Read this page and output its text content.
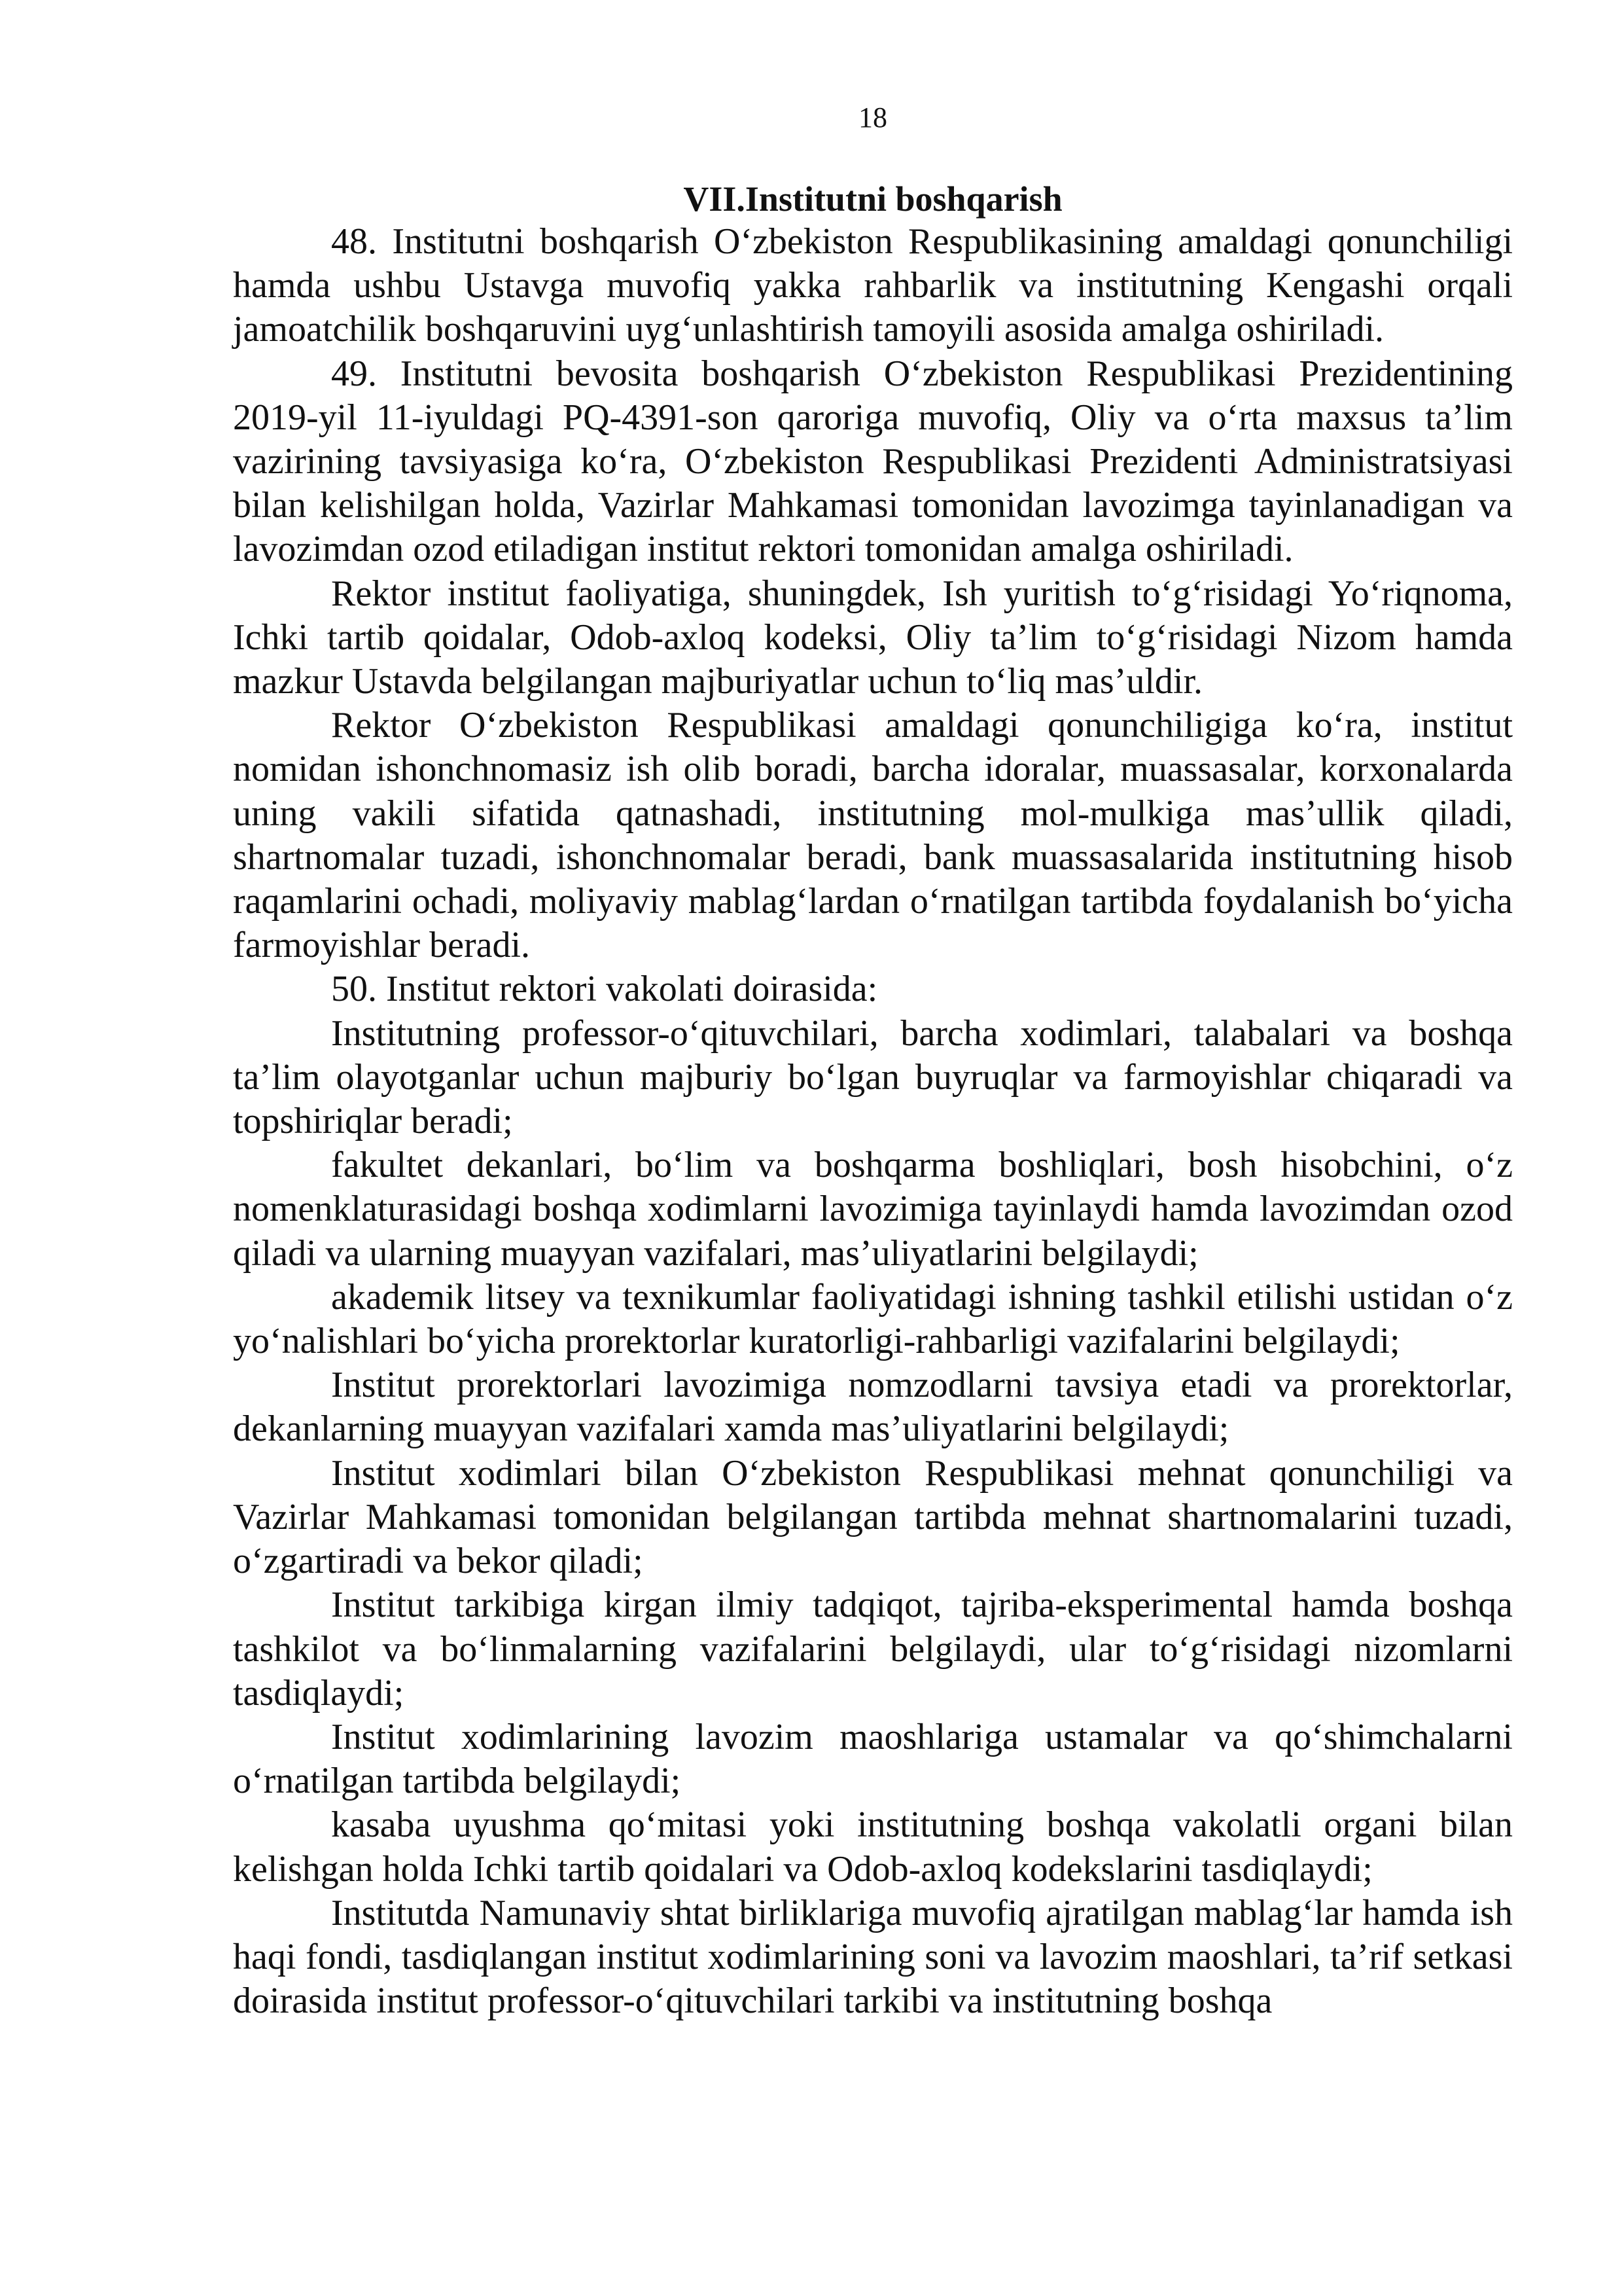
18
VII.Institutni boshqarish

48. Institutni boshqarish O‘zbekiston Respublikasining amaldagi qonunchiligi hamda ushbu Ustavga muvofiq yakka rahbarlik va institutning Kengashi orqali jamoatchilik boshqaruvini uyg‘unlashtirish tamoyili asosida amalga oshiriladi.

49. Institutni bevosita boshqarish O‘zbekiston Respublikasi Prezidentining 2019-yil 11-iyuldagi PQ-4391-son qaroriga muvofiq, Oliy va o‘rta maxsus ta’lim vazirining tavsiyasiga ko‘ra, O‘zbekiston Respublikasi Prezidenti Administratsiyasi bilan kelishilgan holda, Vazirlar Mahkamasi tomonidan lavozimga tayinlanadigan va lavozimdan ozod etiladigan institut rektori tomonidan amalga oshiriladi.

Rektor institut faoliyatiga, shuningdek, Ish yuritish to‘g‘risidagi Yo‘riqnoma, Ichki tartib qoidalar, Odob-axloq kodeksi, Oliy ta’lim to‘g‘risidagi Nizom hamda mazkur Ustavda belgilangan majburiyatlar uchun to‘liq mas’uldir.

Rektor O‘zbekiston Respublikasi amaldagi qonunchiligiga ko‘ra, institut nomidan ishonchnomasiz ish olib boradi, barcha idoralar, muassasalar, korxonalarda uning vakili sifatida qatnashadi, institutning mol-mulkiga mas’ullik qiladi, shartnomalar tuzadi, ishonchnomalar beradi, bank muassasalarida institutning hisob raqamlarini ochadi, moliyaviy mablag‘lardan o‘rnatilgan tartibda foydalanish bo‘yicha farmoyishlar beradi.

50. Institut rektori vakolati doirasida:

Institutning professor-o‘qituvchilari, barcha xodimlari, talabalari va boshqa ta’lim olayotganlar uchun majburiy bo‘lgan buyruqlar va farmoyishlar chiqaradi va topshiriqlar beradi;

fakultet dekanlari, bo‘lim va boshqarma boshliqlari, bosh hisobchini, o‘z nomenklaturasidagi boshqa xodimlarni lavozimiga tayinlaydi hamda lavozimdan ozod qiladi va ularning muayyan vazifalari, mas’uliyatlarini belgilaydi;

akademik litsey va texnikumlar faoliyatidagi ishning tashkil etilishi ustidan o‘z yo‘nalishlari bo‘yicha prorektorlar kuratorligi-rahbarligi vazifalarini belgilaydi;

Institut prorektorlari lavozimiga nomzodlarni tavsiya etadi va prorektorlar, dekanlarning muayyan vazifalari xamda mas’uliyatlarini belgilaydi;

Institut xodimlari bilan O‘zbekiston Respublikasi mehnat qonunchiligi va Vazirlar Mahkamasi tomonidan belgilangan tartibda mehnat shartnomalarini tuzadi, o‘zgartiradi va bekor qiladi;

Institut tarkibiga kirgan ilmiy tadqiqot, tajriba-eksperimental hamda boshqa tashkilot va bo‘linmalarning vazifalarini belgilaydi, ular to‘g‘risidagi nizomlarni tasdiqlaydi;

Institut xodimlarining lavozim maoshlariga ustamalar va qo‘shimchalarni o‘rnatilgan tartibda belgilaydi;

kasaba uyushma qo‘mitasi yoki institutning boshqa vakolatli organi bilan kelishgan holda Ichki tartib qoidalari va Odob-axloq kodekslarini tasdiqlaydi;

Institutda Namunaviy shtat birliklariga muvofiq ajratilgan mablag‘lar hamda ish haqi fondi, tasdiqlangan institut xodimlarining soni va lavozim maoshlari, ta’rif setkasi doirasida institut professor-o‘qituvchilari tarkibi va institutning boshqa
